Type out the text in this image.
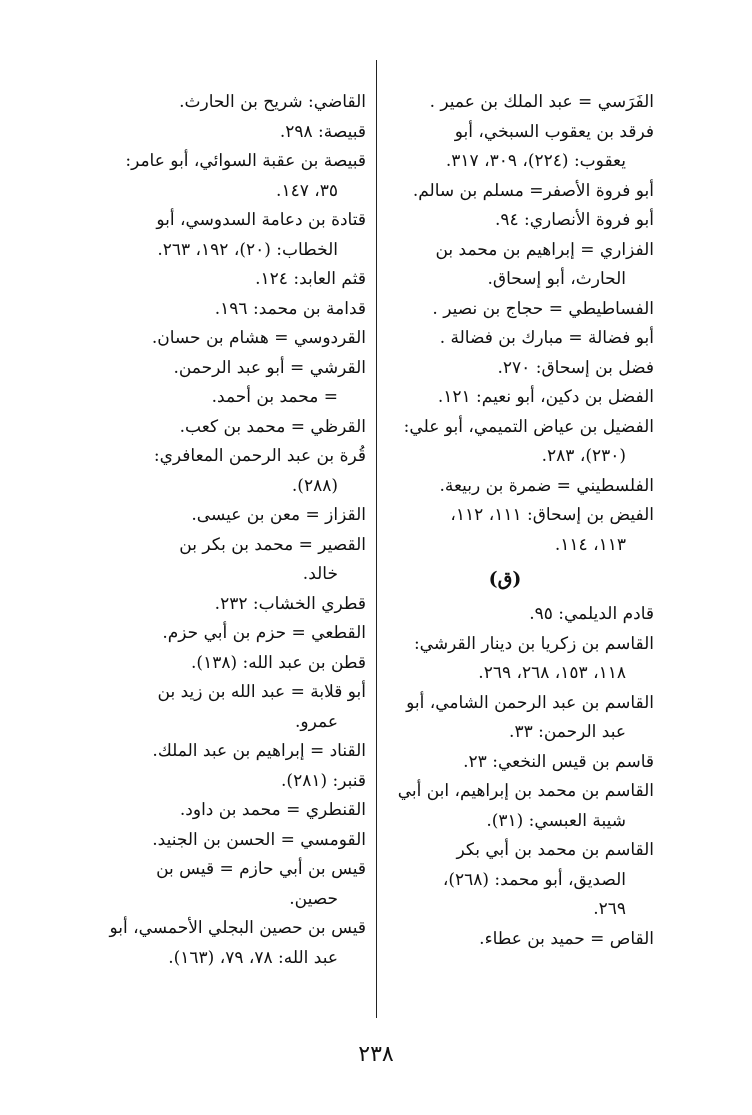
الفَرَسي = عبد الملك بن عمير .
فرقد بن يعقوب السبخي، أبو
يعقوب: (٢٢٤)، ٣٠٩، ٣١٧.
أبو فروة الأصفر= مسلم بن سالم.
أبو فروة الأنصاري: ٩٤.
الفزاري = إبراهيم بن محمد بن
الحارث، أبو إسحاق.
الفساطيطي = حجاج بن نصير .
أبو فضالة = مبارك بن فضالة .
فضل بن إسحاق: ٢٧٠.
الفضل بن دكين، أبو نعيم: ١٢١.
الفضيل بن عياض التميمي، أبو علي:
(٢٣٠)، ٢٨٣.
الفلسطيني = ضمرة بن ربيعة.
الفيض بن إسحاق: ١١١، ١١٢،
١١٣، ١١٤.
(ق)
قادم الديلمي: ٩٥.
القاسم بن زكريا بن دينار القرشي:
١١٨، ١٥٣، ٢٦٨، ٢٦٩.
القاسم بن عبد الرحمن الشامي، أبو
عبد الرحمن: ٣٣.
قاسم بن قيس النخعي: ٢٣.
القاسم بن محمد بن إبراهيم، ابن أبي
شيبة العبسي: (٣١).
القاسم بن محمد بن أبي بكر
الصديق، أبو محمد: (٢٦٨)،
٢٦٩.
القاص = حميد بن عطاء.
القاضي: شريح بن الحارث.
قبيصة: ٢٩٨.
قبيصة بن عقبة السوائي، أبو عامر:
٣٥، ١٤٧.
قتادة بن دعامة السدوسي، أبو
الخطاب: (٢٠)، ١٩٢، ٢٦٣.
قثم العابد: ١٢٤.
قدامة بن محمد: ١٩٦.
القردوسي = هشام بن حسان.
القرشي = أبو عبد الرحمن.
= محمد بن أحمد.
القرظي = محمد بن كعب.
قُرة بن عبد الرحمن المعافري:
(٢٨٨).
القزاز = معن بن عيسى.
القصير = محمد بن بكر بن
خالد.
قطري الخشاب: ٢٣٢.
القطعي = حزم بن أبي حزم.
قطن بن عبد الله: (١٣٨).
أبو قلابة = عبد الله بن زيد بن
عمرو.
القناد = إبراهيم بن عبد الملك.
قنبر: (٢٨١).
القنطري = محمد بن داود.
القومسي = الحسن بن الجنيد.
قيس بن أبي حازم = قيس بن
حصين.
قيس بن حصين البجلي الأحمسي، أبو
عبد الله: ٧٨، ٧٩، (١٦٣).
٢٣٨
